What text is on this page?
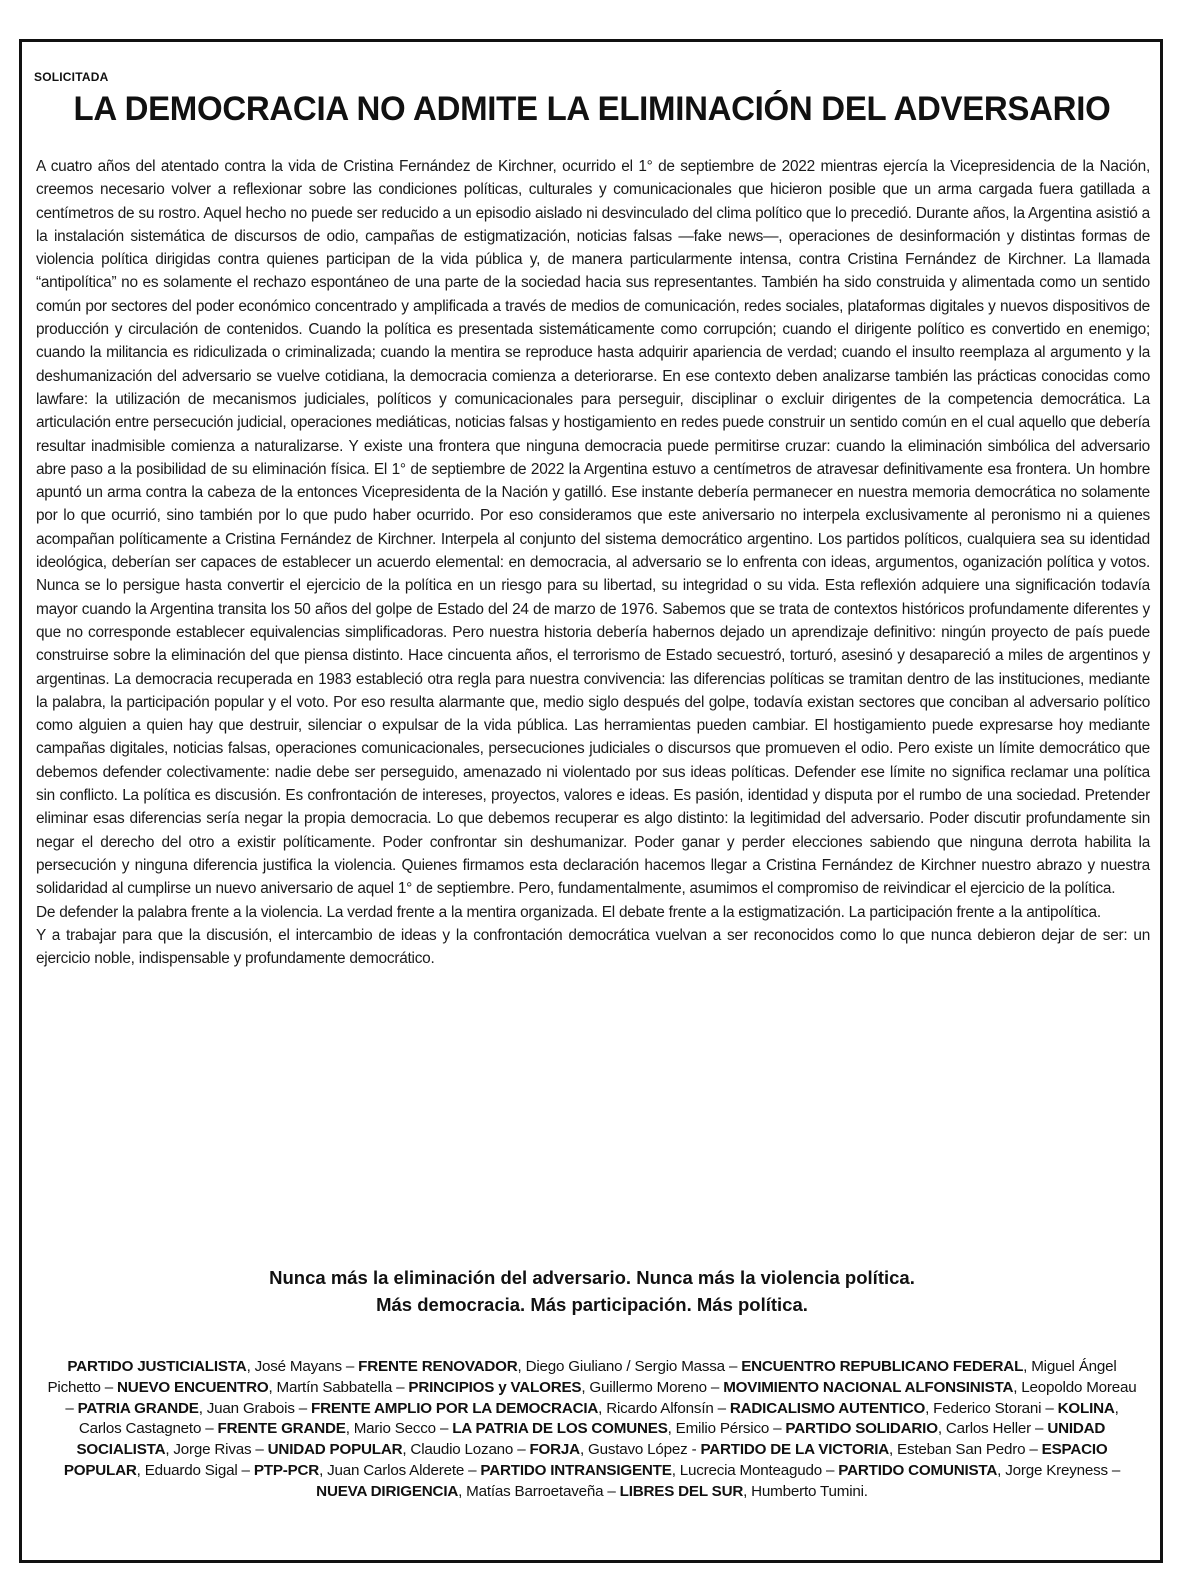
SOLICITADA
LA DEMOCRACIA NO ADMITE LA ELIMINACIÓN DEL ADVERSARIO

A cuatro años del atentado contra la vida de Cristina Fernández de Kirchner, ocurrido el 1° de septiembre de 2022 mientras ejercía la Vicepresidencia de la Nación, creemos necesario volver a reflexionar sobre las condiciones políticas, culturales y comunicacionales que hicieron posible que un arma cargada fuera gatillada a centímetros de su rostro. Aquel hecho no puede ser reducido a un episodio aislado ni desvinculado del clima político que lo precedió. Durante años, la Argentina asistió a la instalación sistemática de discursos de odio, campañas de estigmatización, noticias falsas —fake news—, operaciones de desinformación y distintas formas de violencia política dirigidas contra quienes participan de la vida pública y, de manera particularmente intensa, contra Cristina Fernández de Kirchner. La llamada “antipolítica” no es solamente el rechazo espontáneo de una parte de la sociedad hacia sus representantes. También ha sido construida y alimentada como un sentido común por sectores del poder económico concentrado y amplificada a través de medios de comunicación, redes sociales, plataformas digitales y nuevos dispositivos de producción y circulación de contenidos. Cuando la política es presentada sistemáticamente como corrupción; cuando el dirigente político es convertido en enemigo; cuando la militancia es ridiculizada o criminalizada; cuando la mentira se reproduce hasta adquirir apariencia de verdad; cuando el insulto reemplaza al argumento y la deshumanización del adversario se vuelve cotidiana, la democracia comienza a deteriorarse. En ese contexto deben analizarse también las prácticas conocidas como lawfare: la utilización de mecanismos judiciales, políticos y comunicacionales para perseguir, disciplinar o excluir dirigentes de la competencia democrática. La articulación entre persecución judicial, operaciones mediáticas, noticias falsas y hostigamiento en redes puede construir un sentido común en el cual aquello que debería resultar inadmisible comienza a naturalizarse. Y existe una frontera que ninguna democracia puede permitirse cruzar: cuando la eliminación simbólica del adversario abre paso a la posibilidad de su eliminación física. El 1° de septiembre de 2022 la Argentina estuvo a centímetros de atravesar definitivamente esa frontera. Un hombre apuntó un arma contra la cabeza de la entonces Vicepresidenta de la Nación y gatilló. Ese instante debería permanecer en nuestra memoria democrática no solamente por lo que ocurrió, sino también por lo que pudo haber ocurrido. Por eso consideramos que este aniversario no interpela exclusivamente al peronismo ni a quienes acompañan políticamente a Cristina Fernández de Kirchner. Interpela al conjunto del sistema democrático argentino. Los partidos políticos, cualquiera sea su identidad ideológica, deberían ser capaces de establecer un acuerdo elemental: en democracia, al adversario se lo enfrenta con ideas, argumentos, oganización política y votos. Nunca se lo persigue hasta convertir el ejercicio de la política en un riesgo para su libertad, su integridad o su vida. Esta reflexión adquiere una significación todavía mayor cuando la Argentina transita los 50 años del golpe de Estado del 24 de marzo de 1976. Sabemos que se trata de contextos históricos profundamente diferentes y que no corresponde establecer equivalencias simplificadoras. Pero nuestra historia debería habernos dejado un aprendizaje definitivo: ningún proyecto de país puede construirse sobre la eliminación del que piensa distinto. Hace cincuenta años, el terrorismo de Estado secuestró, torturó, asesinó y desapareció a miles de argentinos y argentinas. La democracia recuperada en 1983 estableció otra regla para nuestra convivencia: las diferencias políticas se tramitan dentro de las instituciones, mediante la palabra, la participación popular y el voto. Por eso resulta alarmante que, medio siglo después del golpe, todavía existan sectores que conciban al adversario político como alguien a quien hay que destruir, silenciar o expulsar de la vida pública. Las herramientas pueden cambiar. El hostigamiento puede expresarse hoy mediante campañas digitales, noticias falsas, operaciones comunicacionales, persecuciones judiciales o discursos que promueven el odio. Pero existe un límite democrático que debemos defender colectivamente: nadie debe ser perseguido, amenazado ni violentado por sus ideas políticas. Defender ese límite no significa reclamar una política sin conflicto. La política es discusión. Es confrontación de intereses, proyectos, valores e ideas. Es pasión, identidad y disputa por el rumbo de una sociedad. Pretender eliminar esas diferencias sería negar la propia democracia. Lo que debemos recuperar es algo distinto: la legitimidad del adversario. Poder discutir profundamente sin negar el derecho del otro a existir políticamente. Poder confrontar sin deshumanizar. Poder ganar y perder elecciones sabiendo que ninguna derrota habilita la persecución y ninguna diferencia justifica la violencia. Quienes firmamos esta declaración hacemos llegar a Cristina Fernández de Kirchner nuestro abrazo y nuestra solidaridad al cumplirse un nuevo aniversario de aquel 1° de septiembre. Pero, fundamentalmente, asumimos el compromiso de reivindicar el ejercicio de la política.

De defender la palabra frente a la violencia. La verdad frente a la mentira organizada. El debate frente a la estigmatización. La participación frente a la antipolítica.

Y a trabajar para que la discusión, el intercambio de ideas y la confrontación democrática vuelvan a ser reconocidos como lo que nunca debieron dejar de ser: un ejercicio noble, indispensable y profundamente democrático.

Nunca más la eliminación del adversario. Nunca más la violencia política.
Más democracia. Más participación. Más política.
PARTIDO JUSTICIALISTA, José Mayans – FRENTE RENOVADOR, Diego Giuliano / Sergio Massa – ENCUENTRO REPUBLICANO FEDERAL, Miguel Ángel Pichetto – NUEVO ENCUENTRO, Martín Sabbatella – PRINCIPIOS y VALORES, Guillermo Moreno – MOVIMIENTO NACIONAL ALFONSINISTA, Leopoldo Moreau – PATRIA GRANDE, Juan Grabois – FRENTE AMPLIO POR LA DEMOCRACIA, Ricardo Alfonsín – RADICALISMO AUTENTICO, Federico Storani – KOLINA, Carlos Castagneto – FRENTE GRANDE, Mario Secco – LA PATRIA DE LOS COMUNES, Emilio Pérsico – PARTIDO SOLIDARIO, Carlos Heller – UNIDAD SOCIALISTA, Jorge Rivas – UNIDAD POPULAR, Claudio Lozano – FORJA, Gustavo López - PARTIDO DE LA VICTORIA, Esteban San Pedro – ESPACIO POPULAR, Eduardo Sigal – PTP-PCR, Juan Carlos Alderete – PARTIDO INTRANSIGENTE, Lucrecia Monteagudo – PARTIDO COMUNISTA, Jorge Kreyness – NUEVA DIRIGENCIA, Matías Barroetaveña – LIBRES DEL SUR, Humberto Tumini.
